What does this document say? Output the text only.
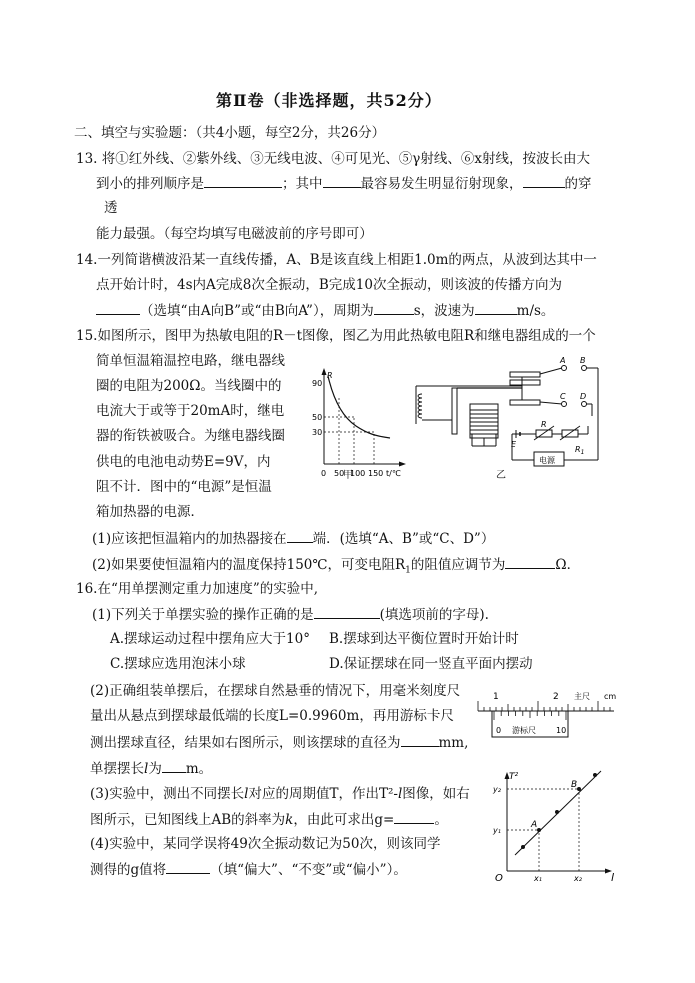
第Ⅱ卷（非选择题，共52分）
二、填空与实验题：（共4小题，每空2分，共26分）
13. 将①红外线、②紫外线、③无线电波、④可见光、⑤γ射线、⑥x射线，按波长由大
到小的排列顺序是	；其中	最容易发生明显衍射现象，	的穿
透
能力最强。（每空均填写电磁波前的序号即可）
14.一列简谐横波沿某一直线传播，A、B是该直线上相距1.0m的两点，从波到达其中一
点开始计时，4s内A完成8次全振动，B完成10次全振动，则该波的传播方向为
（选填“由A向B”或“由B向A”），周期为	s，波速为	m/s。
15.如图所示，图甲为热敏电阻的R－t图像，图乙为用此热敏电阻R和继电器组成的一个
简单恒温箱温控电路，继电器线
圈的电阻为200Ω。当线圈中的
电流大于或等于20mA时，继电
器的衔铁被吸合。为继电器线圈
供电的电池电动势E=9V，内
阻不计．图中的“电源”是恒温
箱加热器的电源．
R
t/℃
90
50
30
0 50 100 150
甲
A B
C D
E
R
$R_1$
电源
乙
(1)应该把恒温箱内的加热器接在 端．(选填“A、B”或“C、D”）
(2)如果要使恒温箱内的温度保持150℃，可变电阻$R_1$的阻值应调节为	Ω．
16.在“用单摆测定重力加速度”的实验中,
(1)下列关于单摆实验的操作正确的是	(填选项前的字母).
A.摆球运动过程中摆角应大于10° B.摆球到达平衡位置时开始计时
C.摆球应选用泡沫小球	D.保证摆球在同一竖直平面内摆动
(2)正确组装单摆后，在摆球自然悬垂的情况下，用毫米刻度尺
量出从悬点到摆球最低端的长度L=0.9960m，再用游标卡尺
测出摆球直径，结果如右图所示，则该摆球的直径为	mm,
单摆摆长l为 m。
1	2 主尺 cm
0 游标尺	10
(3)实验中，测出不同摆长l对应的周期值T，作出T²-l图像，如右
图所示，已知图线上AB的斜率为k，由此可求出g=	。
(4)实验中，某同学误将49次全振动数记为50次，则该同学
测得的g值将	（填“偏大”、“不变”或“偏小”）。
T²
l
O
A
B
y₁
y₂
x₁	x₂
